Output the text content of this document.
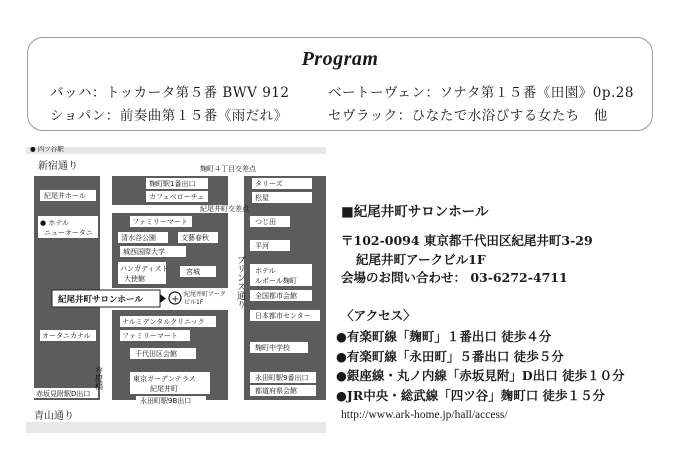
Program
バッハ：トッカータ第５番 BWV 912	ベートーヴェン：ソナタ第１５番《田園》0p.28
ショパン：前奏曲第１５番《雨だれ》	セヴラック：ひなたで水浴びする女たち　他
麹町駅1番出口
カフェベローチェ
タリーズ
松屋
つじ田
平河
ホテル
ルポール麹町
全国都市会館
日本都市センター
麹町中学校
永田町駅9番出口
都道府県会館
ファミリーマート
清水谷公園	文藝春秋
城西国際大学
バンガディスト
大使館
宮城
ナルミデンタルクリニック
ファミリーマート
千代田区会館
東京ガーデンテラス
紀尾井町
永田町駅9B出口
紀尾井ホール
● ホテル
ニューオータニ
オータニカナル
赤坂見附駅D出口
紀尾井町サロンホール	+ 紀尾井町アーク
ビル1F
新宿通り
青山通り
麹町４丁目交差点
紀尾井町交差点
● 四ツ谷駅
プリンス通り
弁慶橋
■紀尾井町サロンホール
〒102-0094 東京都千代田区紀尾井町3-29
紀尾井町アークビル1F
会場のお問い合わせ： 03-6272-4711
〈アクセス〉
●有楽町線「麹町」１番出口 徒歩４分
●有楽町線「永田町」５番出口 徒歩５分
●銀座線・丸ノ内線「赤坂見附」D出口 徒歩１０分
●JR中央・総武線「四ツ谷」麹町口 徒歩１５分
http://www.ark-home.jp/hall/access/
